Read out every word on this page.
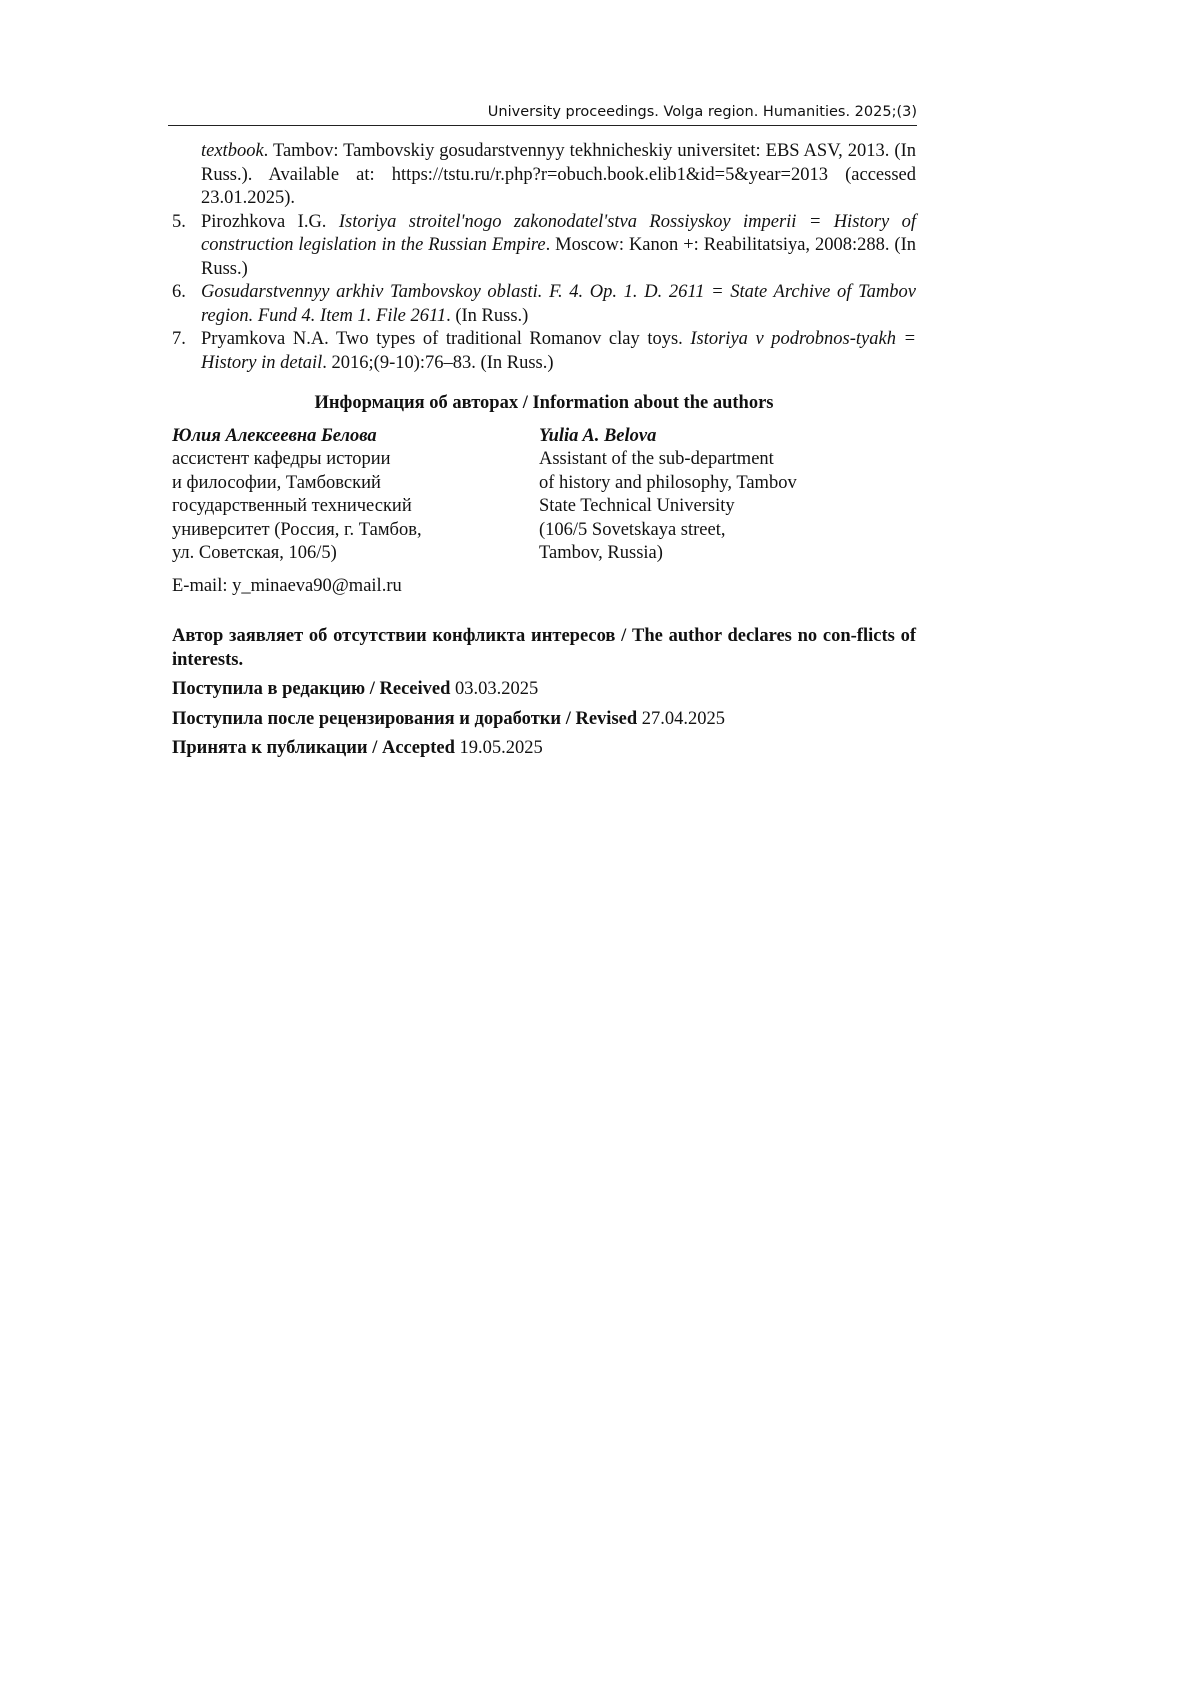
University proceedings. Volga region. Humanities. 2025;(3)
textbook. Tambov: Tambovskiy gosudarstvennyy tekhnicheskiy universitet: EBS ASV, 2013. (In Russ.). Available at: https://tstu.ru/r.php?r=obuch.book.elib1&id=5&year=2013 (accessed 23.01.2025).
5. Pirozhkova I.G. Istoriya stroitel'nogo zakonodatel'stva Rossiyskoy imperii = History of construction legislation in the Russian Empire. Moscow: Kanon +: Reabilitatsiya, 2008:288. (In Russ.)
6. Gosudarstvennyy arkhiv Tambovskoy oblasti. F. 4. Op. 1. D. 2611 = State Archive of Tambov region. Fund 4. Item 1. File 2611. (In Russ.)
7. Pryamkova N.A. Two types of traditional Romanov clay toys. Istoriya v podrobnos-tyakh = History in detail. 2016;(9-10):76–83. (In Russ.)
Информация об авторах / Information about the authors
Юлия Алексеевна Белова
ассистент кафедры истории
и философии, Тамбовский
государственный технический
университет (Россия, г. Тамбов,
ул. Советская, 106/5)
Yulia A. Belova
Assistant of the sub-department
of history and philosophy, Tambov
State Technical University
(106/5 Sovetskaya street,
Tambov, Russia)
E-mail: y_minaeva90@mail.ru
Автор заявляет об отсутствии конфликта интересов / The author declares no con-flicts of interests.
Поступила в редакцию / Received 03.03.2025
Поступила после рецензирования и доработки / Revised 27.04.2025
Принята к публикации / Accepted 19.05.2025
